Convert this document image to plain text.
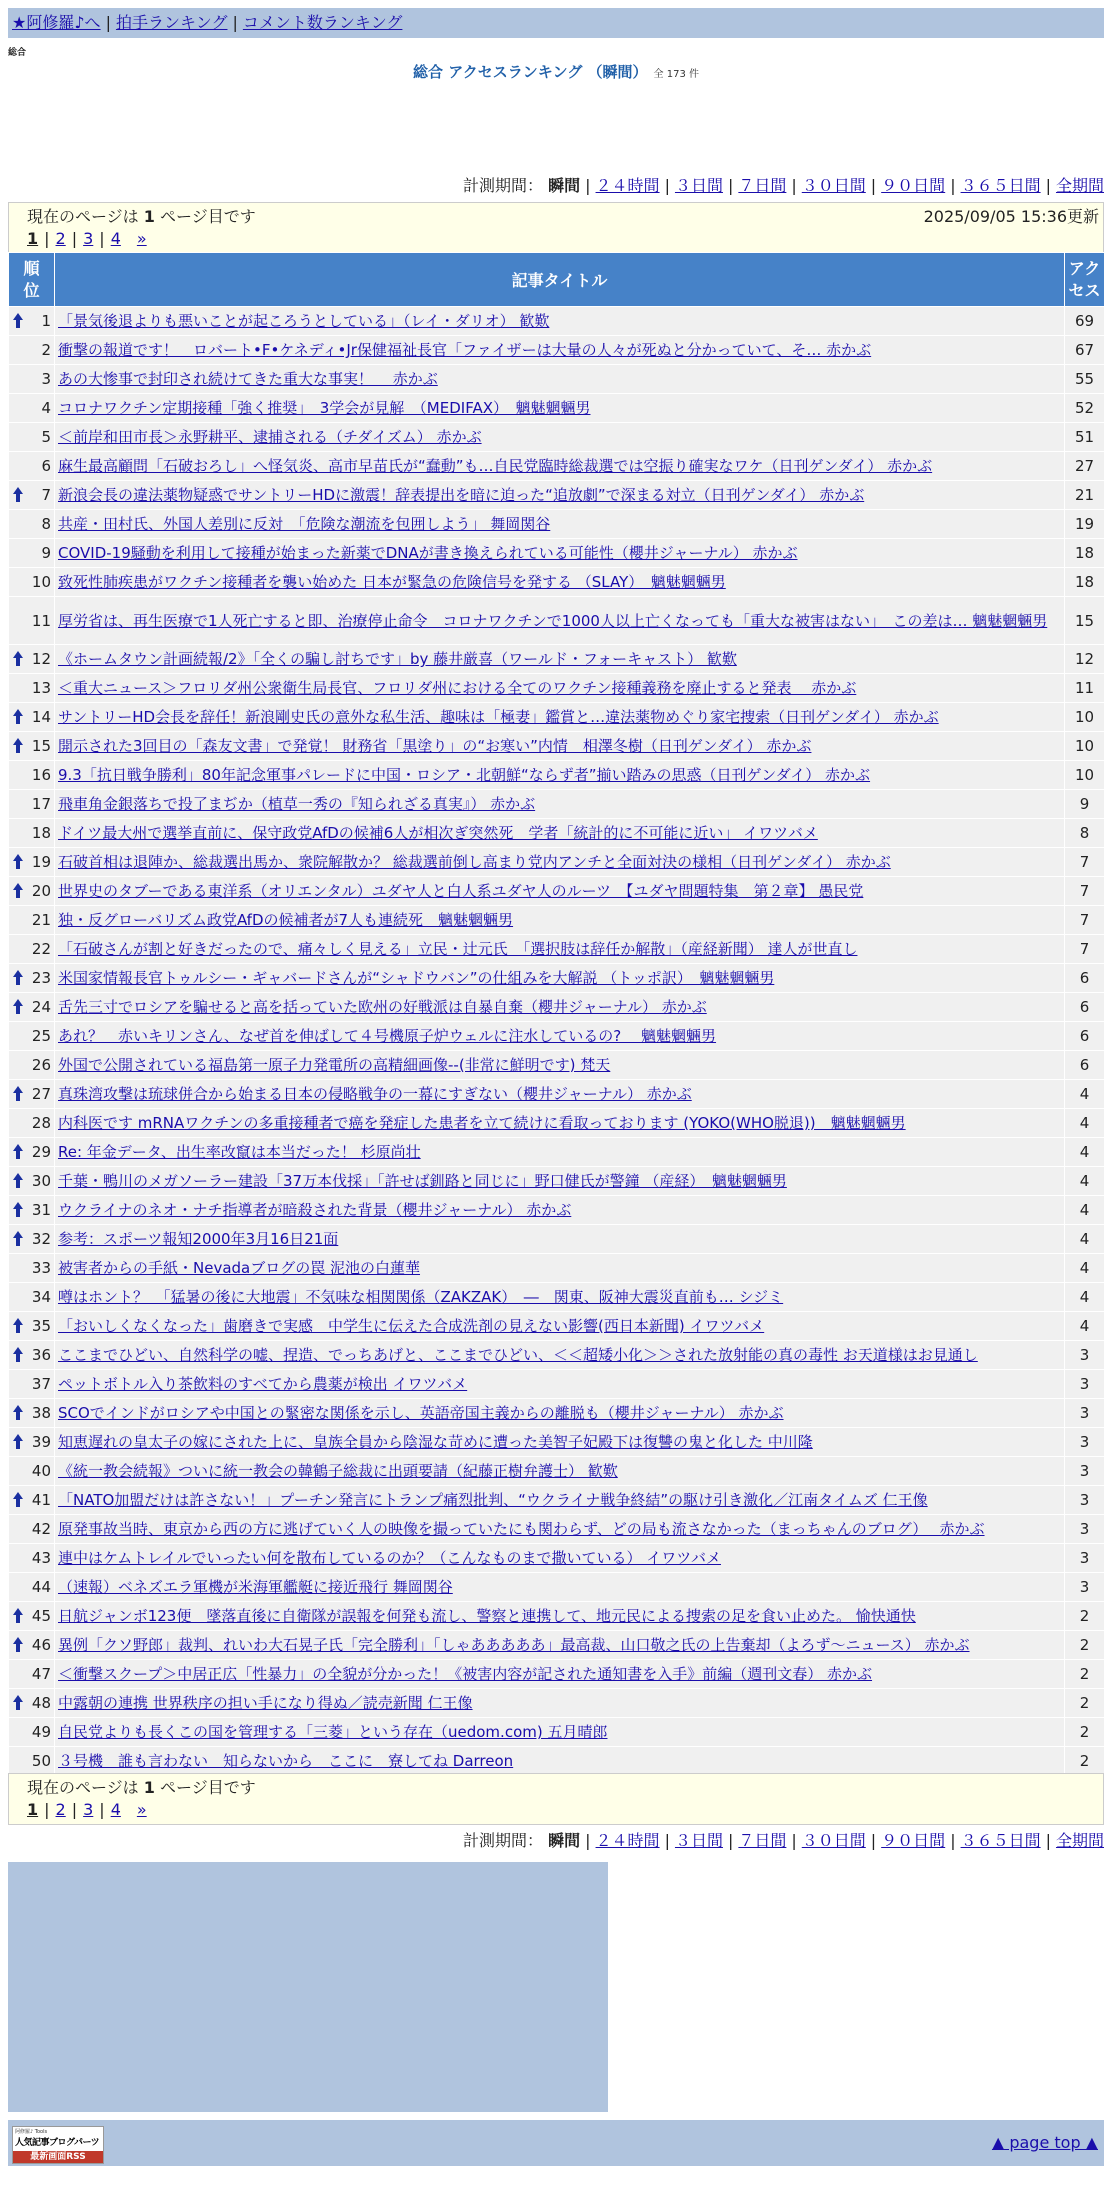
★阿修羅♪へ | 拍手ランキング | コメント数ランキング
総合
総合 アクセスランキング （瞬間） 全 173 件
計測期間： 瞬間 | ２４時間 | ３日間 | ７日間 | ３０日間 | ９０日間 | ３６５日間 | 全期間
現在のページは 1 ページ目です	2025/09/05 15:36更新
1 | 2 | 3 | 4 »
順位	記事タイトル	アクセス

1	「景気後退よりも悪いことが起ころうとしている」（レイ・ダリオ） 歓歎	69
2	衝撃の報道です！　ロバート•F•ケネディ•Jr保健福祉長官「ファイザーは大量の人々が死ぬと分かっていて、そ… 赤かぶ	67
3	あの大惨事で封印され続けてきた重大な事実！　 赤かぶ	55
4	コロナワクチン定期接種「強く推奨」　3学会が見解　（MEDIFAX）　魑魅魍魎男	52
5	＜前岸和田市長＞永野耕平、逮捕される（チダイズム） 赤かぶ	51
6	麻生最高顧問「石破おろし」へ怪気炎、高市早苗氏が“蠢動”も…自民党臨時総裁選では空振り確実なワケ（日刊ゲンダイ） 赤かぶ	27

7	新浪会長の違法薬物疑惑でサントリーHDに激震！辞表提出を暗に迫った“追放劇”で深まる対立（日刊ゲンダイ） 赤かぶ	21
8	共産・田村氏、外国人差別に反対　「危険な潮流を包囲しよう」 舞岡関谷	19
9	COVID-19騒動を利用して接種が始まった新薬でDNAが書き換えられている可能性（櫻井ジャーナル） 赤かぶ	18
10	致死性肺疾患がワクチン接種者を襲い始めた 日本が緊急の危険信号を発する （SLAY）　魑魅魍魎男	18
11	厚労省は、再生医療で1人死亡すると即、治療停止命令　コロナワクチンで1000人以上亡くなっても「重大な被害はない」　この差は… 魑魅魍魎男	15

12	《ホームタウン計画続報/2》「全くの騙し討ちです」by 藤井厳喜（ワールド・フォーキャスト） 歓歎	12
13	＜重大ニュース＞フロリダ州公衆衛生局長官、フロリダ州における全てのワクチン接種義務を廃止すると発表　 赤かぶ	11

14	サントリーHD会長を辞任！新浪剛史氏の意外な私生活、趣味は「極妻」鑑賞と…違法薬物めぐり家宅捜索（日刊ゲンダイ） 赤かぶ	10

15	開示された3回目の「森友文書」で発覚！ 財務省「黒塗り」の“お寒い”内情　相澤冬樹（日刊ゲンダイ） 赤かぶ	10
16	9.3「抗日戦争勝利」80年記念軍事パレードに中国・ロシア・北朝鮮“ならず者”揃い踏みの思惑（日刊ゲンダイ） 赤かぶ	10
17	飛車角金銀落ちで投了まぢか（植草一秀の『知られざる真実』） 赤かぶ	9
18	ドイツ最大州で選挙直前に、保守政党AfDの候補6人が相次ぎ突然死　学者「統計的に不可能に近い」 イワツバメ	8

19	石破首相は退陣か、総裁選出馬か、衆院解散か？ 総裁選前倒し高まり党内アンチと全面対決の様相（日刊ゲンダイ） 赤かぶ	7

20	世界史のタブーである東洋系（オリエンタル）ユダヤ人と白人系ユダヤ人のルーツ　【ユダヤ問題特集　第２章】 愚民党	7
21	独・反グローバリズム政党AfDの候補者が7人も連続死　魑魅魍魎男	7
22	「石破さんが割と好きだったので、痛々しく見える」立民・辻元氏　「選択肢は辞任か解散」（産経新聞） 達人が世直し	7

23	米国家情報長官トゥルシー・ギャバードさんが“シャドウバン”の仕組みを大解説 （トッポ訳）　魑魅魍魎男	6

24	舌先三寸でロシアを騙せると高を括っていた欧州の好戦派は自暴自棄（櫻井ジャーナル） 赤かぶ	6
25	あれ？　赤いキリンさん、なぜ首を伸ばして４号機原子炉ウェルに注水しているの?　 魑魅魍魎男	6
26	外国で公開されている福島第一原子力発電所の高精細画像--(非常に鮮明です) 梵天	6

27	真珠湾攻撃は琉球併合から始まる日本の侵略戦争の一幕にすぎない（櫻井ジャーナル） 赤かぶ	4
28	内科医です mRNAワクチンの多重接種者で癌を発症した患者を立て続けに看取っております (YOKO(WHO脱退))　魑魅魍魎男	4

29	Re: 年金データ、出生率改竄は本当だった！ 杉原尚壮	4

30	千葉・鴨川のメガソーラー建設「37万本伐採」「許せば釧路と同じに」野口健氏が警鐘 （産経）　魑魅魍魎男	4

31	ウクライナのネオ・ナチ指導者が暗殺された背景（櫻井ジャーナル） 赤かぶ	4

32	参考：スポーツ報知2000年3月16日21面	4
33	被害者からの手紙・Nevadaブログの罠 泥池の白蓮華	4
34	噂はホント？　「猛暑の後に大地震」不気味な相関関係（ZAKZAK）　―　関東、阪神大震災直前も… シジミ	4

35	「おいしくなくなった」歯磨きで実感　中学生に伝えた合成洗剤の見えない影響(西日本新聞) イワツバメ	4

36	ここまでひどい、自然科学の嘘、捏造、でっちあげと、ここまでひどい、＜＜超矮小化＞＞された放射能の真の毒性 お天道様はお見通し	3
37	ペットボトル入り茶飲料のすべてから農薬が検出 イワツバメ	3

38	SCOでインドがロシアや中国との緊密な関係を示し、英語帝国主義からの離脱も（櫻井ジャーナル） 赤かぶ	3

39	知恵遅れの皇太子の嫁にされた上に、皇族全員から陰湿な苛めに遭った美智子妃殿下は復讐の鬼と化した 中川隆	3
40	《統一教会続報》ついに統一教会の韓鶴子総裁に出頭要請（紀藤正樹弁護士） 歓歎	3

41	「NATO加盟だけは許さない！」プーチン発言にトランプ痛烈批判、“ウクライナ戦争終結”の駆け引き激化／江南タイムズ 仁王像	3
42	原発事故当時、東京から西の方に逃げていく人の映像を撮っていたにも関わらず、どの局も流さなかった（まっちゃんのブログ）　 赤かぶ	3
43	連中はケムトレイルでいったい何を散布しているのか？（こんなものまで撒いている） イワツバメ	3
44	（速報）ベネズエラ軍機が米海軍艦艇に接近飛行 舞岡関谷	3

45	日航ジャンボ123便　墜落直後に自衛隊が誤報を何発も流し、警察と連携して、地元民による捜索の足を食い止めた。 愉快通快	2

46	異例「クソ野郎」裁判、れいわ大石晃子氏「完全勝利」「しゃあああああ」最高裁、山口敬之氏の上告棄却（よろず〜ニュース） 赤かぶ	2
47	＜衝撃スクープ＞中居正広「性暴力」の全貌が分かった！《被害内容が記された通知書を入手》前編（週刊文春） 赤かぶ	2

48	中露朝の連携 世界秩序の担い手になり得ぬ／読売新聞 仁王像	2
49	自民党よりも長くこの国を管理する「三菱」という存在（uedom.com) 五月晴郎	2
50	３号機　誰も言わない　知らないから　ここに　寮してね Darreon	2
計測期間： 瞬間 | ２４時間 | ３日間 | ７日間 | ３０日間 | ９０日間 | ３６５日間 | 全期間
阿修羅♪ Tools
人気記事ブログパーツ
最新画面RSS
▲ page top ▲
現在のページは 1 ページ目です
1 | 2 | 3 | 4 »
